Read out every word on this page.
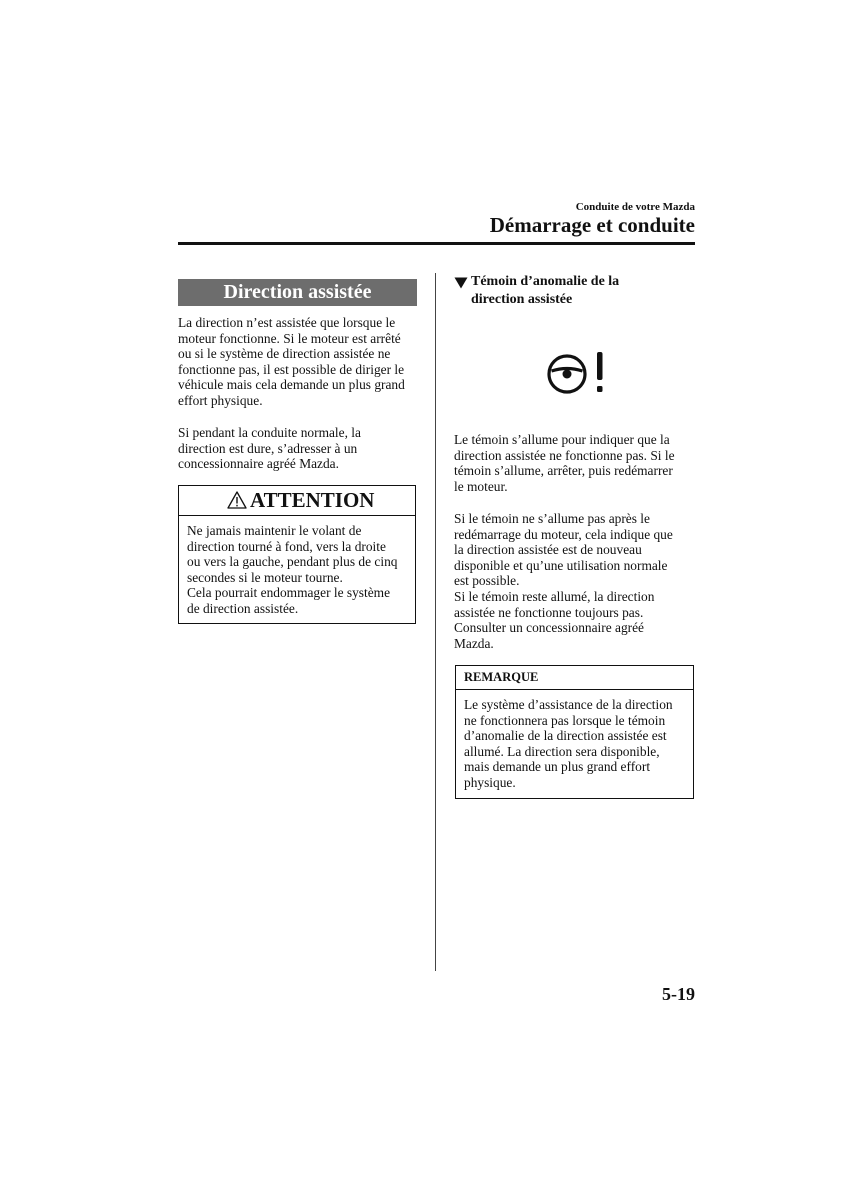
Conduite de votre Mazda
Démarrage et conduite
Direction assistée
La direction n’est assistée que lorsque le
moteur fonctionne. Si le moteur est arrêté
ou si le système de direction assistée ne
fonctionne pas, il est possible de diriger le
véhicule mais cela demande un plus grand
effort physique.
Si pendant la conduite normale, la
direction est dure, s’adresser à un
concessionnaire agréé Mazda.
ATTENTION
Ne jamais maintenir le volant de
direction tourné à fond, vers la droite
ou vers la gauche, pendant plus de cinq
secondes si le moteur tourne.
Cela pourrait endommager le système
de direction assistée.
Témoin d’anomalie de la
direction assistée
Le témoin s’allume pour indiquer que la
direction assistée ne fonctionne pas. Si le
témoin s’allume, arrêter, puis redémarrer
le moteur.
Si le témoin ne s’allume pas après le
redémarrage du moteur, cela indique que
la direction assistée est de nouveau
disponible et qu’une utilisation normale
est possible.
Si le témoin reste allumé, la direction
assistée ne fonctionne toujours pas.
Consulter un concessionnaire agréé
Mazda.
REMARQUE
Le système d’assistance de la direction
ne fonctionnera pas lorsque le témoin
d’anomalie de la direction assistée est
allumé. La direction sera disponible,
mais demande un plus grand effort
physique.
5-19
